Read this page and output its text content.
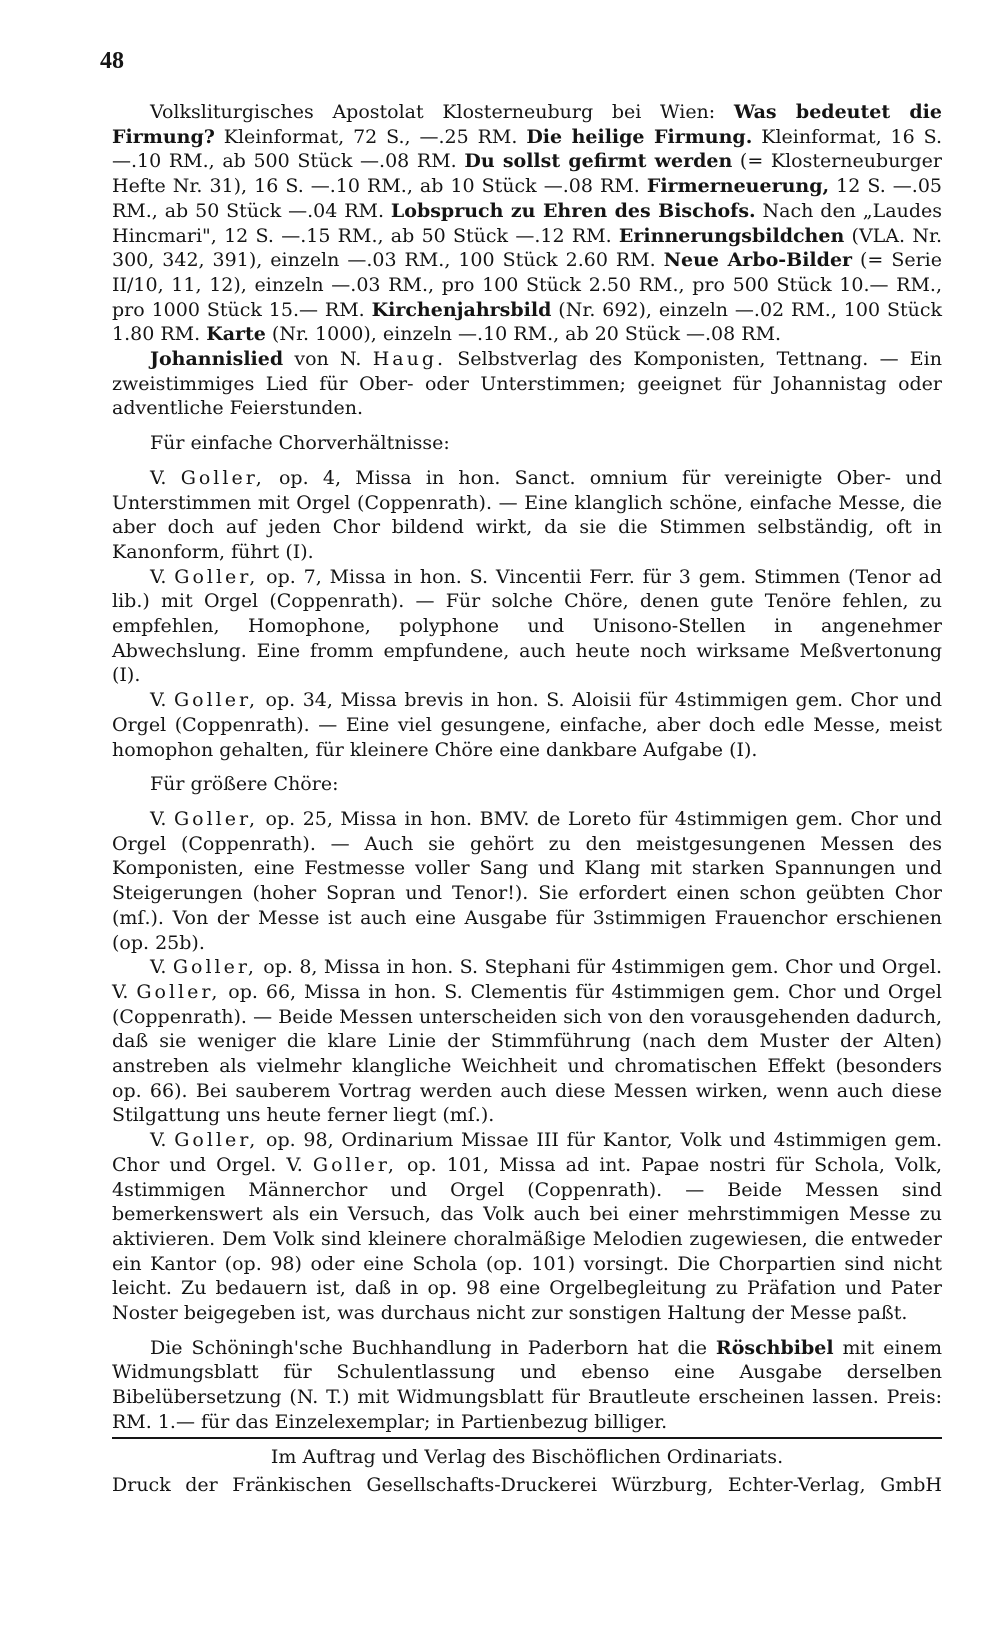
48

Volksliturgisches Apostolat Klosterneuburg bei Wien: Was bedeutet die Firmung? Kleinformat, 72 S., —.25 RM. Die heilige Firmung. Kleinformat, 16 S. —.10 RM., ab 500 Stück —.08 RM. Du sollst gefirmt werden (= Klosterneuburger Hefte Nr. 31), 16 S. —.10 RM., ab 10 Stück —.08 RM. Firmerneuerung, 12 S. —.05 RM., ab 50 Stück —.04 RM. Lobspruch zu Ehren des Bischofs. Nach den „Laudes Hincmari", 12 S. —.15 RM., ab 50 Stück —.12 RM. Erinnerungsbildchen (VLA. Nr. 300, 342, 391), einzeln —.03 RM., 100 Stück 2.60 RM. Neue Arbo-Bilder (= Serie II/10, 11, 12), einzeln —.03 RM., pro 100 Stück 2.50 RM., pro 500 Stück 10.— RM., pro 1000 Stück 15.— RM. Kirchenjahrsbild (Nr. 692), einzeln —.02 RM., 100 Stück 1.80 RM. Karte (Nr. 1000), einzeln —.10 RM., ab 20 Stück —.08 RM.

Johannislied von N. Haug. Selbstverlag des Komponisten, Tettnang. — Ein zweistimmiges Lied für Ober- oder Unterstimmen; geeignet für Johannistag oder adventliche Feierstunden.

Für einfache Chorverhältnisse:

V. Goller, op. 4, Missa in hon. Sanct. omnium für vereinigte Ober- und Unterstimmen mit Orgel (Coppenrath). — Eine klanglich schöne, einfache Messe, die aber doch auf jeden Chor bildend wirkt, da sie die Stimmen selbständig, oft in Kanonform, führt (I).

V. Goller, op. 7, Missa in hon. S. Vincentii Ferr. für 3 gem. Stimmen (Tenor ad lib.) mit Orgel (Coppenrath). — Für solche Chöre, denen gute Tenöre fehlen, zu empfehlen, Homophone, polyphone und Unisono-Stellen in angenehmer Abwechslung. Eine fromm empfundene, auch heute noch wirksame Meßvertonung (I).

V. Goller, op. 34, Missa brevis in hon. S. Aloisii für 4stimmigen gem. Chor und Orgel (Coppenrath). — Eine viel gesungene, einfache, aber doch edle Messe, meist homophon gehalten, für kleinere Chöre eine dankbare Aufgabe (I).

Für größere Chöre:

V. Goller, op. 25, Missa in hon. BMV. de Loreto für 4stimmigen gem. Chor und Orgel (Coppenrath). — Auch sie gehört zu den meistgesungenen Messen des Komponisten, eine Festmesse voller Sang und Klang mit starken Spannungen und Steigerungen (hoher Sopran und Tenor!). Sie erfordert einen schon geübten Chor (mſ.). Von der Messe ist auch eine Ausgabe für 3stimmigen Frauenchor erschienen (op. 25b).

V. Goller, op. 8, Missa in hon. S. Stephani für 4stimmigen gem. Chor und Orgel. V. Goller, op. 66, Missa in hon. S. Clementis für 4stimmigen gem. Chor und Orgel (Coppenrath). — Beide Messen unterscheiden sich von den vorausgehenden dadurch, daß sie weniger die klare Linie der Stimmführung (nach dem Muster der Alten) anstreben als vielmehr klangliche Weichheit und chromatischen Effekt (besonders op. 66). Bei sauberem Vortrag werden auch diese Messen wirken, wenn auch diese Stilgattung uns heute ferner liegt (mſ.).

V. Goller, op. 98, Ordinarium Missae III für Kantor, Volk und 4stimmigen gem. Chor und Orgel. V. Goller, op. 101, Missa ad int. Papae nostri für Schola, Volk, 4stimmigen Männerchor und Orgel (Coppenrath). — Beide Messen sind bemerkenswert als ein Versuch, das Volk auch bei einer mehrstimmigen Messe zu aktivieren. Dem Volk sind kleinere choralmäßige Melodien zugewiesen, die entweder ein Kantor (op. 98) oder eine Schola (op. 101) vorsingt. Die Chorpartien sind nicht leicht. Zu bedauern ist, daß in op. 98 eine Orgelbegleitung zu Präfation und Pater Noster beigegeben ist, was durchaus nicht zur sonstigen Haltung der Messe paßt.

Die Schöningh'sche Buchhandlung in Paderborn hat die Röschbibel mit einem Widmungsblatt für Schulentlassung und ebenso eine Ausgabe derselben Bibelübersetzung (N. T.) mit Widmungsblatt für Brautleute erscheinen lassen. Preis: RM. 1.— für das Einzelexemplar; in Partienbezug billiger.

Im Auftrag und Verlag des Bischöflichen Ordinariats.

Druck der Fränkischen Gesellschafts-Druckerei Würzburg, Echter-Verlag, GmbH
